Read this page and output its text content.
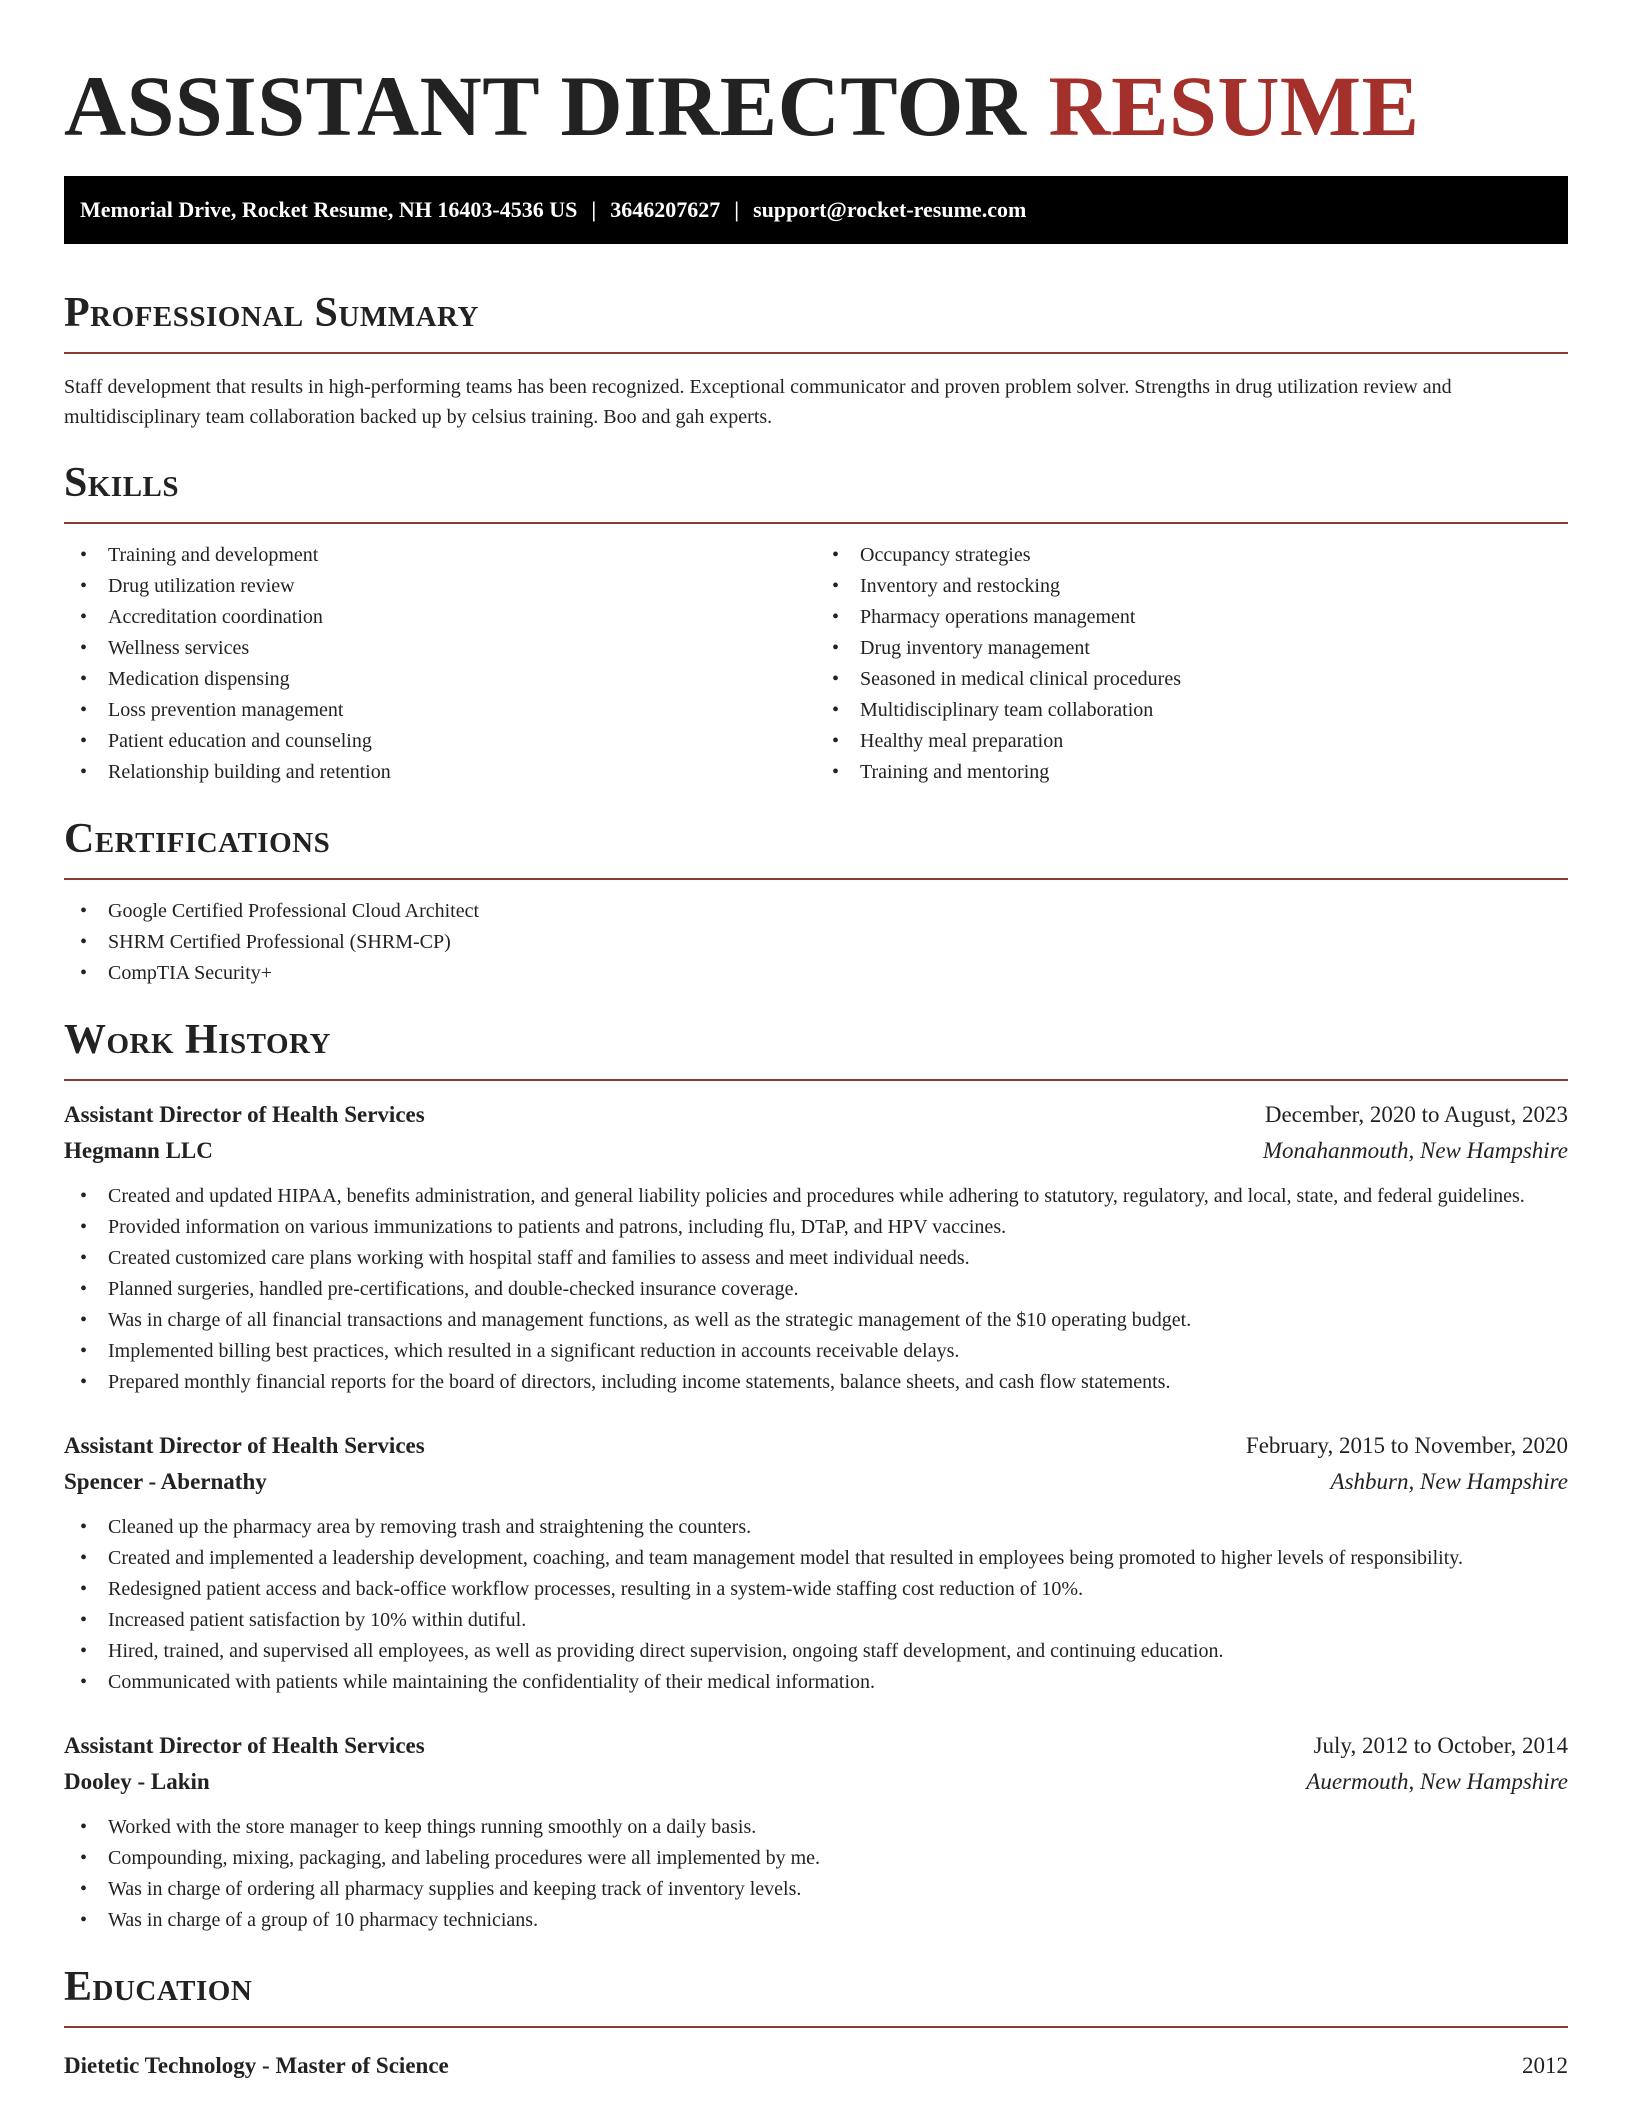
ASSISTANT DIRECTOR RESUME
Memorial Drive, Rocket Resume, NH 16403-4536 US | 3646207627 | support@rocket-resume.com
Professional Summary

Staff development that results in high-performing teams has been recognized. Exceptional communicator and proven problem solver. Strengths in drug utilization review and multidisciplinary team collaboration backed up by celsius training. Boo and gah experts.

Skills
• Training and development
• Drug utilization review
• Accreditation coordination
• Wellness services
• Medication dispensing
• Loss prevention management
• Patient education and counseling
• Relationship building and retention
• Occupancy strategies
• Inventory and restocking
• Pharmacy operations management
• Drug inventory management
• Seasoned in medical clinical procedures
• Multidisciplinary team collaboration
• Healthy meal preparation
• Training and mentoring
Certifications
• Google Certified Professional Cloud Architect
• SHRM Certified Professional (SHRM-CP)
• CompTIA Security+
Work History
Assistant Director of Health Services	December, 2020 to August, 2023
Hegmann LLC	Monahanmouth, New Hampshire
• Created and updated HIPAA, benefits administration, and general liability policies and procedures while adhering to statutory, regulatory, and local, state, and federal guidelines.
• Provided information on various immunizations to patients and patrons, including flu, DTaP, and HPV vaccines.
• Created customized care plans working with hospital staff and families to assess and meet individual needs.
• Planned surgeries, handled pre-certifications, and double-checked insurance coverage.
• Was in charge of all financial transactions and management functions, as well as the strategic management of the $10 operating budget.
• Implemented billing best practices, which resulted in a significant reduction in accounts receivable delays.
• Prepared monthly financial reports for the board of directors, including income statements, balance sheets, and cash flow statements.
Assistant Director of Health Services	February, 2015 to November, 2020
Spencer - Abernathy	Ashburn, New Hampshire
• Cleaned up the pharmacy area by removing trash and straightening the counters.
• Created and implemented a leadership development, coaching, and team management model that resulted in employees being promoted to higher levels of responsibility.
• Redesigned patient access and back-office workflow processes, resulting in a system-wide staffing cost reduction of 10%.
• Increased patient satisfaction by 10% within dutiful.
• Hired, trained, and supervised all employees, as well as providing direct supervision, ongoing staff development, and continuing education.
• Communicated with patients while maintaining the confidentiality of their medical information.
Assistant Director of Health Services	July, 2012 to October, 2014
Dooley - Lakin	Auermouth, New Hampshire
• Worked with the store manager to keep things running smoothly on a daily basis.
• Compounding, mixing, packaging, and labeling procedures were all implemented by me.
• Was in charge of ordering all pharmacy supplies and keeping track of inventory levels.
• Was in charge of a group of 10 pharmacy technicians.
Education
Dietetic Technology - Master of Science	2012
